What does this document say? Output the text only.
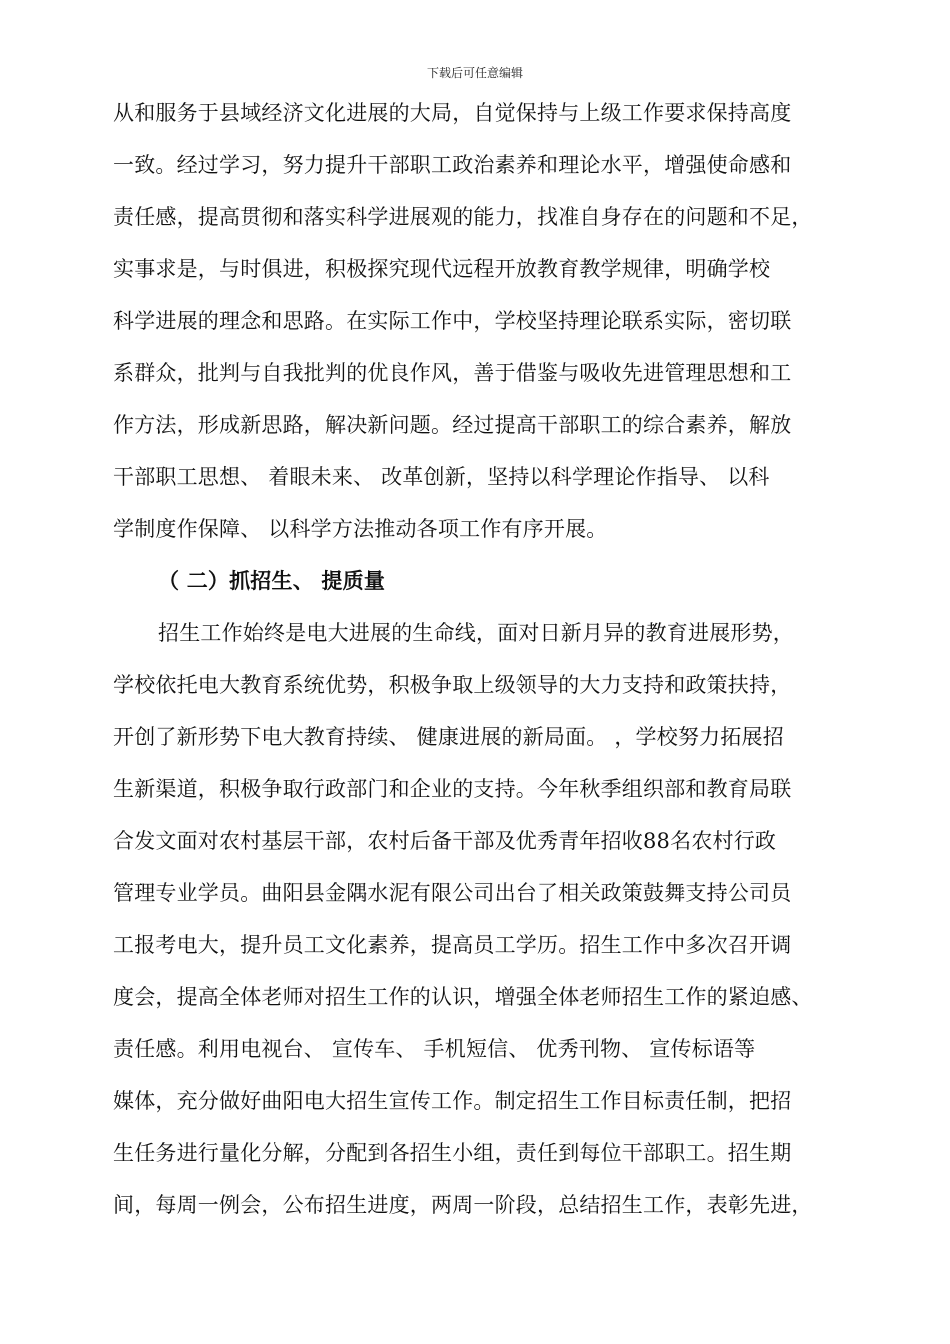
下载后可任意编辑
从和服务于县域经济文化进展的大局，自觉保持与上级工作要求保持高度
一致。经过学习，努力提升干部职工政治素养和理论水平，增强使命感和
责任感，提高贯彻和落实科学进展观的能力，找准自身存在的问题和不足，
实事求是，与时俱进，积极探究现代远程开放教育教学规律，明确学校
科学进展的理念和思路。在实际工作中，学校坚持理论联系实际，密切联
系群众，批判与自我批判的优良作风，善于借鉴与吸收先进管理思想和工
作方法，形成新思路，解决新问题。经过提高干部职工的综合素养，解放
干部职工思想、 着眼未来、 改革创新，坚持以科学理论作指导、 以科
学制度作保障、 以科学方法推动各项工作有序开展。
（ 二）抓招生、 提质量
招生工作始终是电大进展的生命线，面对日新月异的教育进展形势，
学校依托电大教育系统优势，积极争取上级领导的大力支持和政策扶持，
开创了新形势下电大教育持续、 健康进展的新局面。 ，学校努力拓展招
生新渠道，积极争取行政部门和企业的支持。今年秋季组织部和教育局联
合发文面对农村基层干部，农村后备干部及优秀青年招收88名农村行政
管理专业学员。曲阳县金隅水泥有限公司出台了相关政策鼓舞支持公司员
工报考电大，提升员工文化素养，提高员工学历。招生工作中多次召开调
度会，提高全体老师对招生工作的认识，增强全体老师招生工作的紧迫感、
责任感。利用电视台、 宣传车、 手机短信、 优秀刊物、 宣传标语等
媒体，充分做好曲阳电大招生宣传工作。制定招生工作目标责任制，把招
生任务进行量化分解，分配到各招生小组，责任到每位干部职工。招生期
间，每周一例会，公布招生进度，两周一阶段，总结招生工作，表彰先进，
